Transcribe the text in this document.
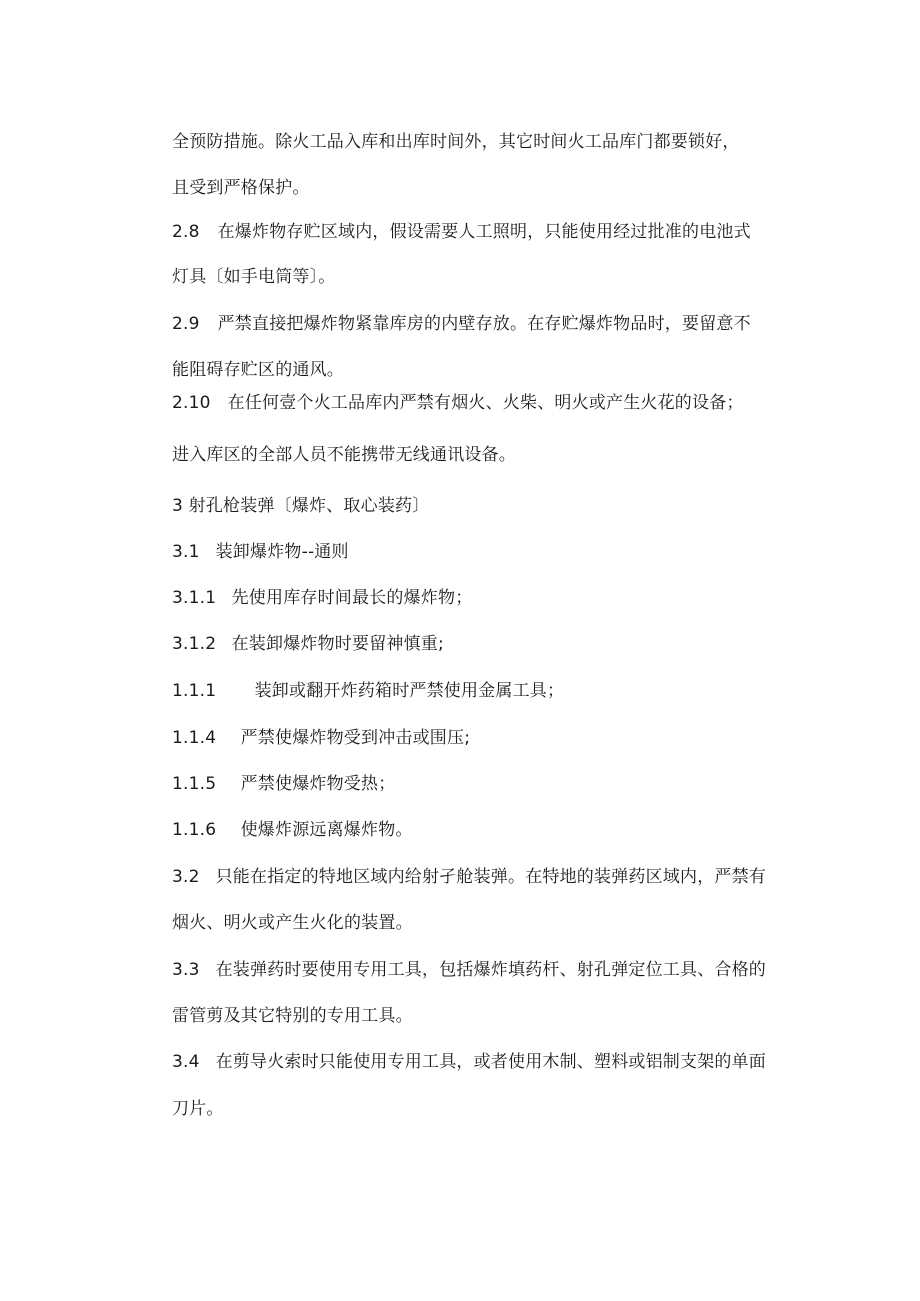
全预防措施。除火工品入库和出库时间外，其它时间火工品库门都要锁好，
且受到严格保护。
2.8 在爆炸物存贮区域内，假设需要人工照明，只能使用经过批准的电池式
灯具〔如手电筒等〕。
2.9 严禁直接把爆炸物紧靠库房的内壁存放。在存贮爆炸物品时，要留意不
能阻碍存贮区的通风。
2.10 在任何壹个火工品库内严禁有烟火、火柴、明火或产生火花的设备；
进入库区的全部人员不能携带无线通讯设备。
3 射孔枪装弹〔爆炸、取心装药〕
3.1 装卸爆炸物--通则
3.1.1 先使用库存时间最长的爆炸物；
3.1.2 在装卸爆炸物时要留神慎重;
1.1.1 装卸或翻开炸药箱时严禁使用金属工具；
1.1.4 严禁使爆炸物受到冲击或围压;
1.1.5 严禁使爆炸物受热；
1.1.6 使爆炸源远离爆炸物。
3.2 只能在指定的特地区域内给射孑舱装弹。在特地的装弹药区域内，严禁有
烟火、明火或产生火化的装置。
3.3 在装弹药时要使用专用工具，包括爆炸填药杆、射孔弹定位工具、合格的
雷管剪及其它特别的专用工具。
3.4 在剪导火索时只能使用专用工具，或者使用木制、塑料或铝制支架的单面
刀片。
